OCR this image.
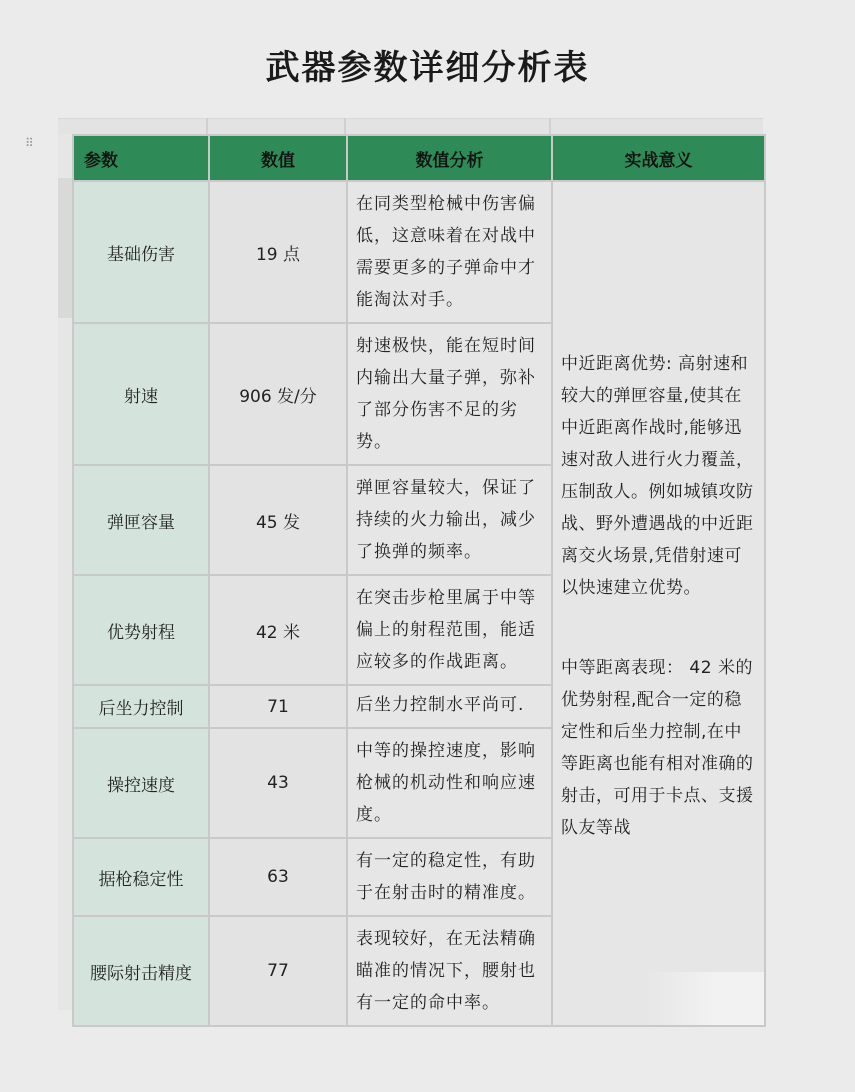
武器参数详细分析表
⠿
参数	数值	数值分析	实战意义
基础伤害	19 点	在同类型枪械中伤害偏低，这意味着在对战中需要更多的子弹命中才能淘汰对手。	中近距离优势: 高射速和较大的弹匣容量,使其在中近距离作战时,能够迅速对敌人进行火力覆盖，压制敌人。例如城镇攻防战、野外遭遇战的中近距离交火场景,凭借射速可以快速建立优势。

中等距离表现： 42 米的优势射程,配合一定的稳定性和后坐力控制,在中等距离也能有相对准确的射击，可用于卡点、支援队友等战

射速	906 发/分	射速极快，能在短时间内输出大量子弹，弥补了部分伤害不足的劣势。	
弹匣容量	45 发	弹匣容量较大，保证了持续的火力输出，减少了换弹的频率。	
优势射程	42 米	在突击步枪里属于中等偏上的射程范围，能适应较多的作战距离。	
后坐力控制	71	后坐力控制水平尚可.	
操控速度	43	中等的操控速度，影响枪械的机动性和响应速度。	
据枪稳定性	63	有一定的稳定性，有助于在射击时的精准度。	
腰际射击精度	77	表现较好，在无法精确瞄准的情况下，腰射也有一定的命中率。	
